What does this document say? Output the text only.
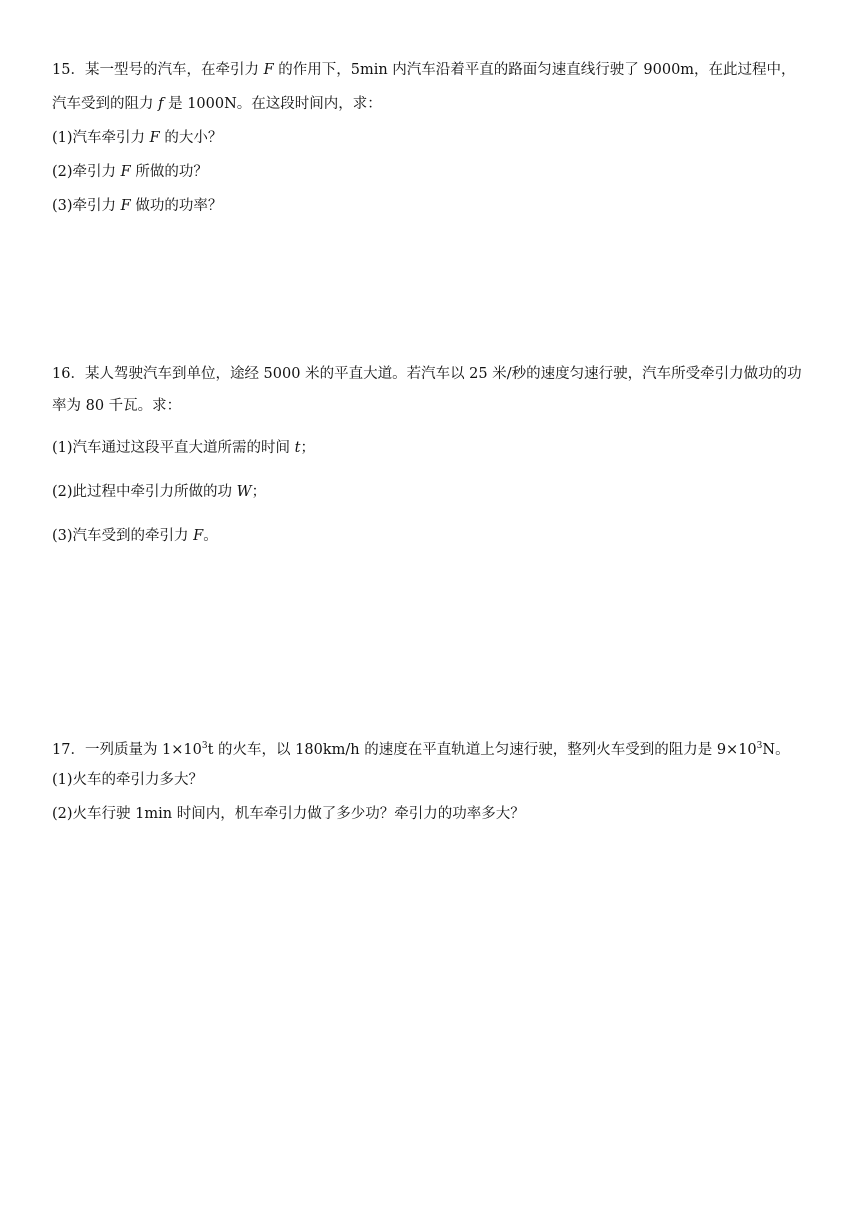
15．某一型号的汽车，在牵引力 F 的作用下，5min 内汽车沿着平直的路面匀速直线行驶了 9000m，在此过程中，
汽车受到的阻力 f 是 1000N。在这段时间内，求：
(1)汽车牵引力 F 的大小？
(2)牵引力 F 所做的功？
(3)牵引力 F 做功的功率？
16．某人驾驶汽车到单位，途经 5000 米的平直大道。若汽车以 25 米/秒的速度匀速行驶，汽车所受牵引力做功的功
率为 80 千瓦。求：
(1)汽车通过这段平直大道所需的时间 t；
(2)此过程中牵引力所做的功 W；
(3)汽车受到的牵引力 F。
17．一列质量为 $1\times 10^3t$ 的火车，以 180km/h 的速度在平直轨道上匀速行驶，整列火车受到的阻力是 $9\times 10^3N$。
(1)火车的牵引力多大？
(2)火车行驶 1min 时间内，机车牵引力做了多少功？牵引力的功率多大？
